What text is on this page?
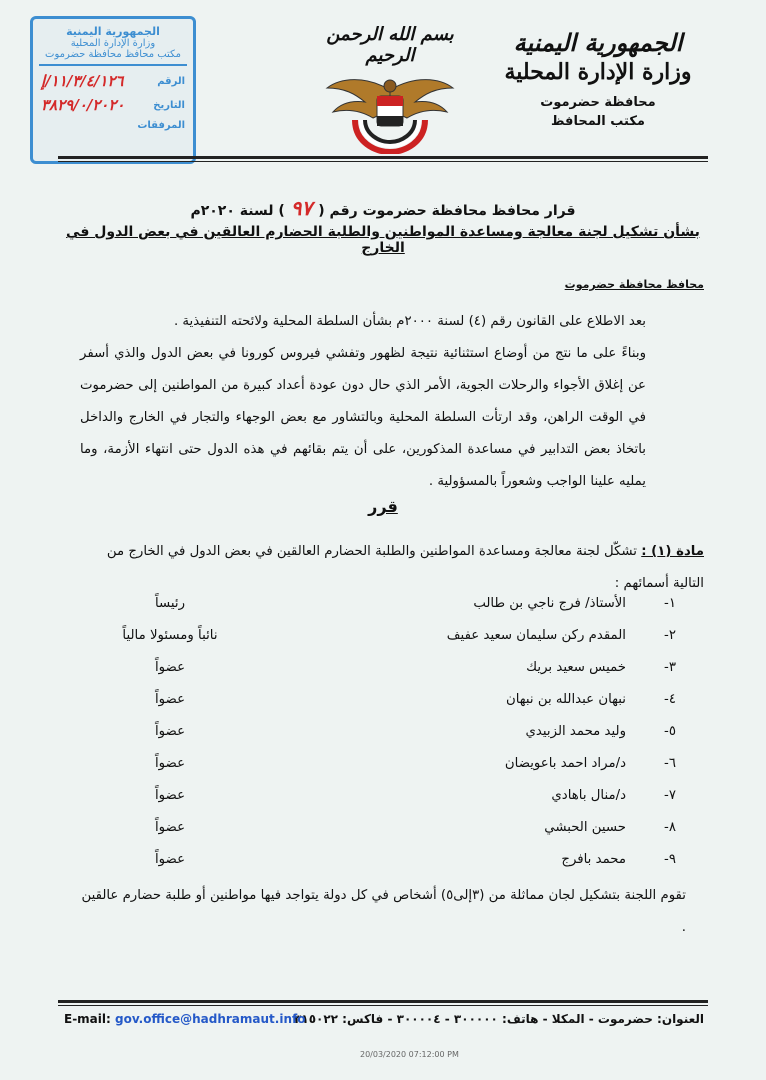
الجمهورية اليمنية
وزارة الإدارة المحلية
محافظة حضرموت
مكتب المحافظ
بسم الله الرحمن الرحيم
الجمهورية اليمنية
وزارة الإدارة المحلية
مكتب محافظ محافظة حضرموت
الرقم
١١/٣/٤/١٢٦/إ
التاريخ
٣٨٢٩/٠/٢٠٢٠
المرفقات
قرار محافظ محافظة حضرموت رقم (٩٧) لسنة ٢٠٢٠م
بشأن تشكيل لجنة معالجة ومساعدة المواطنين والطلبة الحضارم العالقين في بعض الدول في الخارج
محافظ محافظة حضرموت

بعد الاطلاع على القانون رقم (٤) لسنة ٢٠٠٠م بشأن السلطة المحلية ولائحته التنفيذية .

وبناءً على ما نتج من أوضاع استثنائية نتيجة لظهور وتفشي فيروس كورونا في بعض الدول والذي أسفر عن إغلاق الأجواء والرحلات الجوية، الأمر الذي حال دون عودة أعداد كبيرة من المواطنين إلى حضرموت في الوقت الراهن، وقد ارتأت السلطة المحلية وبالتشاور مع بعض الوجهاء والتجار في الخارج والداخل باتخاذ بعض التدابير في مساعدة المذكورين، على أن يتم بقائهم في هذه الدول حتى انتهاء الأزمة، وما يمليه علينا الواجب وشعوراً بالمسؤولية .

قرر
مادة (١) : تشكّل لجنة معالجة ومساعدة المواطنين والطلبة الحضارم العالقين في بعض الدول في الخارج من التالية أسمائهم :
١-
الأستاذ/ فرج ناجي بن طالب
رئيساً
٢-
المقدم ركن سليمان سعيد عفيف
نائباً ومسئولا مالياً
٣-
خميس سعيد بريك
عضواً
٤-
نبهان عبدالله بن نبهان
عضواً
٥-
وليد محمد الزبيدي
عضواً
٦-
د/مراد احمد باعويضان
عضواً
٧-
د/منال باهادي
عضواً
٨-
حسين الحبشي
عضواً
٩-
محمد بافرج
عضواً

تقوم اللجنة بتشكيل لجان مماثلة من (٣إلى٥) أشخاص في كل دولة يتواجد فيها مواطنين أو طلبة حضارم عالقين .

العنوان: حضرموت - المكلا - هاتف: ٣٠٠٠٠٠ - ٣٠٠٠٠٤ - فاكس: ٣١٥٠٢٢
E-mail: gov.office@hadhramaut.info
20/03/2020 07:12:00 PM
